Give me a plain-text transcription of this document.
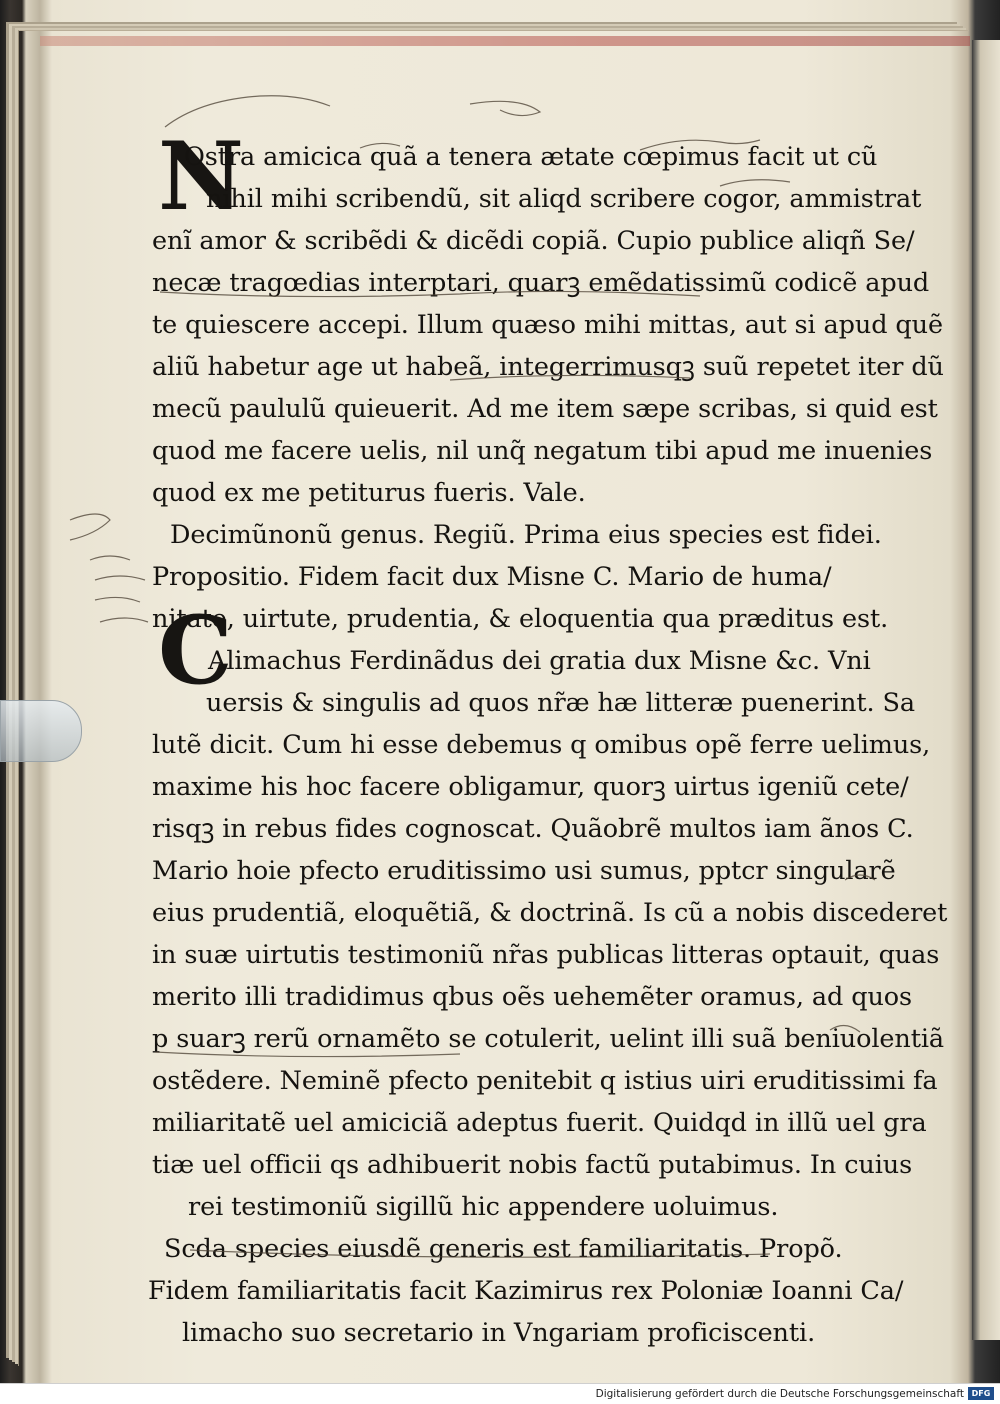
N
Ostra amicica quã a tenera ætate cœpimus facit ut cũ
nihil mihi scribendũ, sit aliqd scribere cogor, ammistrat
enĩ amor & scribẽdi & dicẽdi copiã. Cupio publice aliqñ Se/
necæ tragœdias interptari, quarꝫ emẽdatissimũ codicẽ apud
te quiescere accepi. Illum quæso mihi mittas, aut si apud quẽ
aliũ habetur age ut habeã, integerrimusqꝫ suũ repetet iter dũ
mecũ paululũ quieuerit. Ad me item sæpe scribas, si quid est
quod me facere uelis, nil unq̃ negatum tibi apud me inuenies
quod ex me petiturus fueris. Vale.
Decimũnonũ genus. Regiũ. Prima eius species est fidei.
Propositio. Fidem facit dux Misne C. Mario de huma/
nitate, uirtute, prudentia, & eloquentia qua præditus est.
C
Alimachus Ferdinãdus dei gratia dux Misne &c. Vni
uersis & singulis ad quos nr̃æ hæ litteræ puenerint. Sa
lutẽ dicit. Cum hi esse debemus q omibus opẽ ferre uelimus,
maxime his hoc facere obligamur, quorꝫ uirtus igeniũ cete/
risqꝫ in rebus fides cognoscat. Quãobrẽ multos iam ãnos C.
Mario hoie pfecto eruditissimo usi sumus, pptcr singularẽ
eius prudentiã, eloquẽtiã, & doctrinã. Is cũ a nobis discederet
in suæ uirtutis testimoniũ nr̃as publicas litteras optauit, quas
merito illi tradidimus qbus oẽs uehemẽter oramus, ad quos
p suarꝫ rerũ ornamẽto se cotulerit, uelint illi suã beniuolentiã
ostẽdere. Neminẽ pfecto penitebit q istius uiri eruditissimi fa
miliaritatẽ uel amiciciã adeptus fuerit. Quidqd in illũ uel gra
tiæ uel officii qs adhibuerit nobis factũ putabimus. In cuius
rei testimoniũ sigillũ hic appendere uoluimus.
Scda species eiusdẽ generis est familiaritatis. Propõ.
Fidem familiaritatis facit Kazimirus rex Poloniæ Ioanni Ca/
limacho suo secretario in Vngariam proficiscenti.
Digitalisierung gefördert durch die Deutsche Forschungsgemeinschaft DFG
